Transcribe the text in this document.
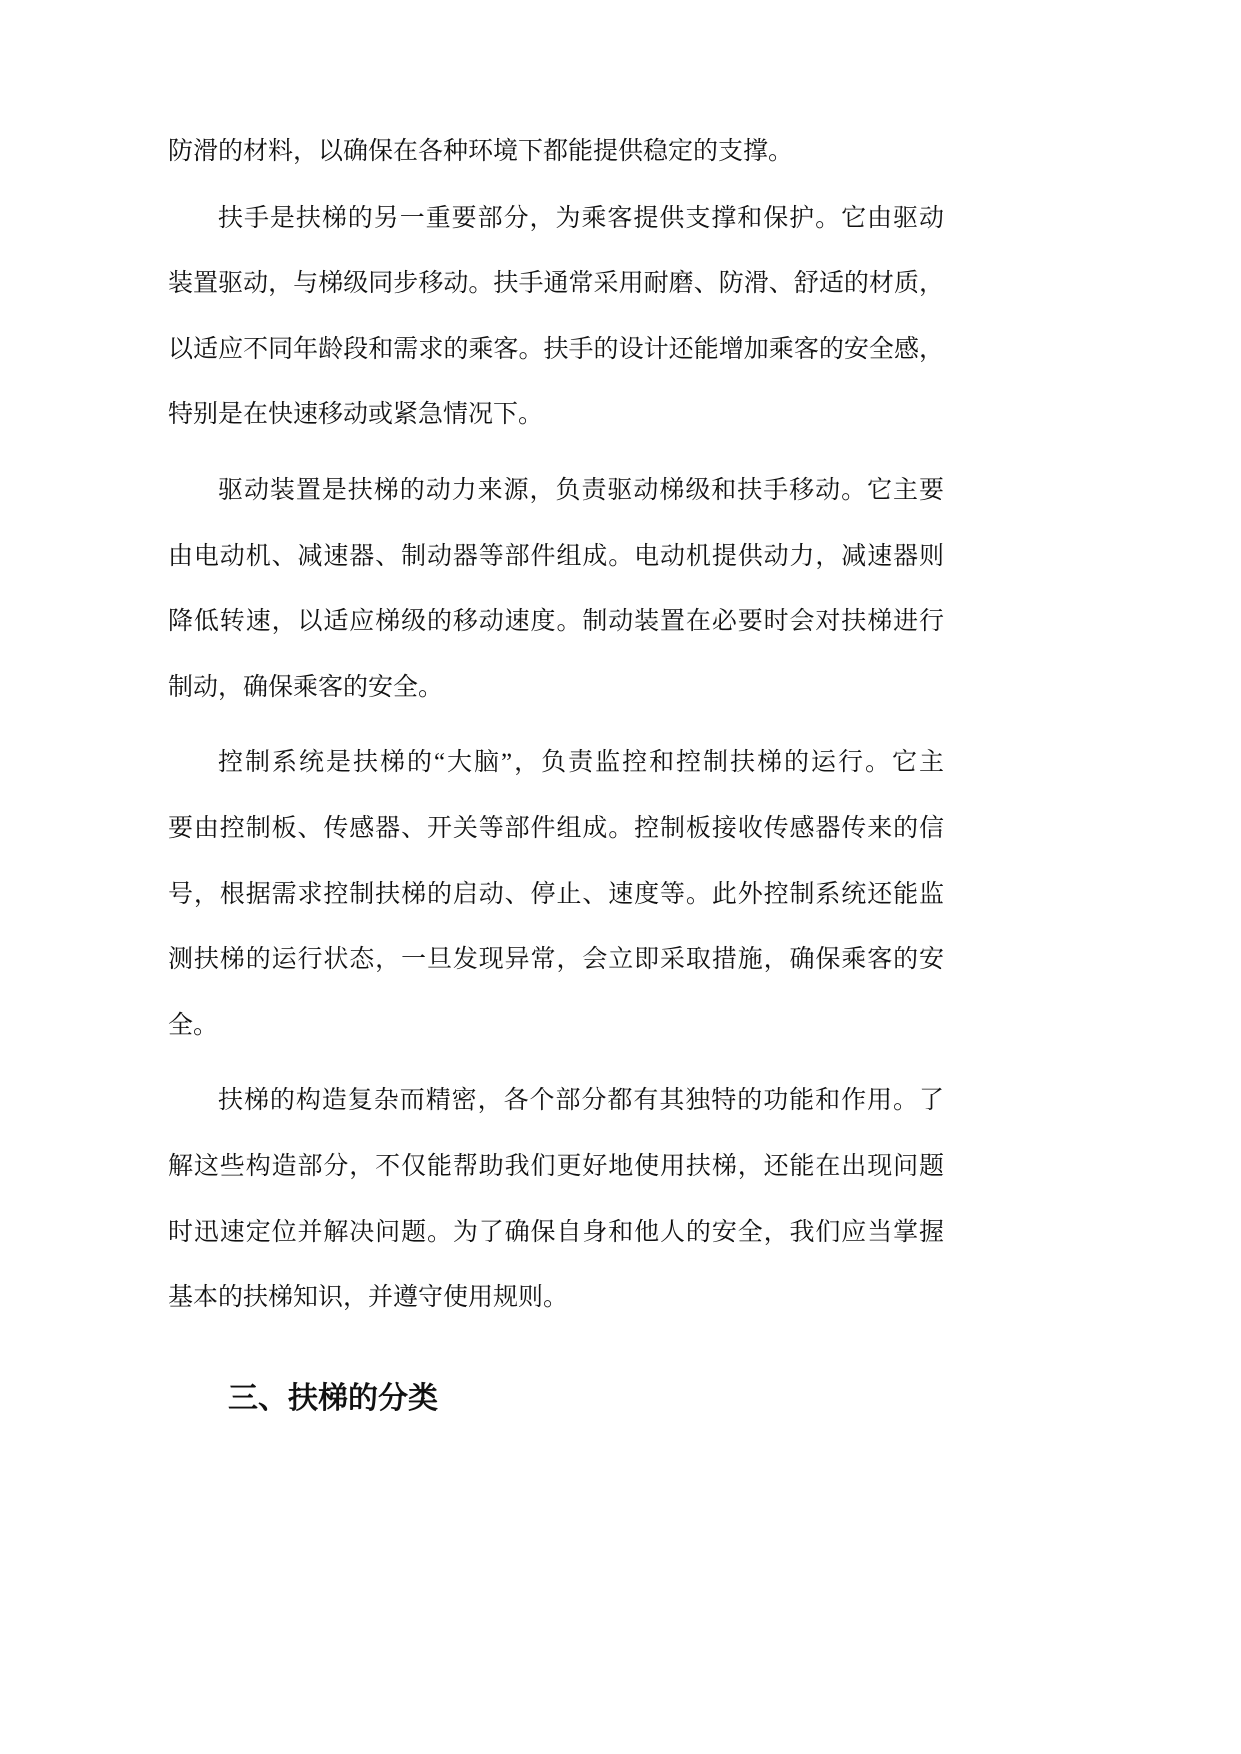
防滑的材料，以确保在各种环境下都能提供稳定的支撑。
扶手是扶梯的另一重要部分，为乘客提供支撑和保护。它由驱动
装置驱动，与梯级同步移动。扶手通常采用耐磨、防滑、舒适的材质，
以适应不同年龄段和需求的乘客。扶手的设计还能增加乘客的安全感，
特别是在快速移动或紧急情况下。
驱动装置是扶梯的动力来源，负责驱动梯级和扶手移动。它主要
由电动机、减速器、制动器等部件组成。电动机提供动力，减速器则
降低转速，以适应梯级的移动速度。制动装置在必要时会对扶梯进行
制动，确保乘客的安全。
控制系统是扶梯的“大脑”，负责监控和控制扶梯的运行。它主
要由控制板、传感器、开关等部件组成。控制板接收传感器传来的信
号，根据需求控制扶梯的启动、停止、速度等。此外控制系统还能监
测扶梯的运行状态，一旦发现异常，会立即采取措施，确保乘客的安
全。
扶梯的构造复杂而精密，各个部分都有其独特的功能和作用。了
解这些构造部分，不仅能帮助我们更好地使用扶梯，还能在出现问题
时迅速定位并解决问题。为了确保自身和他人的安全，我们应当掌握
基本的扶梯知识，并遵守使用规则。
三、扶梯的分类
